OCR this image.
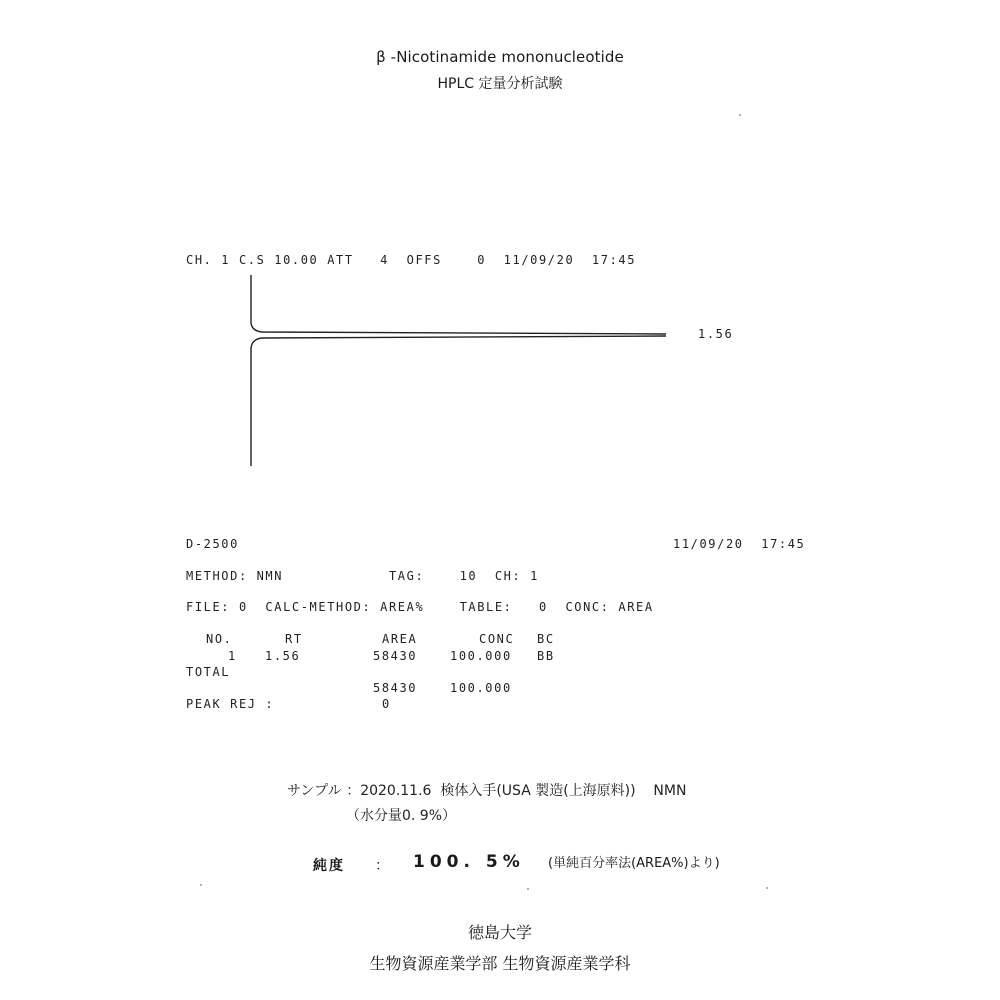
β -Nicotinamide mononucleotide
HPLC 定量分析試験
CH. 1 C.S 10.00 ATT   4  OFFS    0  11/09/20  17:45
1.56
D-2500	11/09/20  17:45
METHOD: NMN            TAG:    10  CH: 1
FILE: 0  CALC-METHOD: AREA%    TABLE:   0  CONC: AREA
NO.	RT	AREA	CONC BC
1 1.56	58430	100.000 BB
TOTAL
58430	100.000
PEAK REJ :	0
サンプル ：2020.11.6  検体入手(USA 製造(上海原料))    NMN
（水分量0. 9%）
純度 ： 100. 5% (単純百分率法(AREA%)より)
徳島大学
生物資源産業学部 生物資源産業学科
